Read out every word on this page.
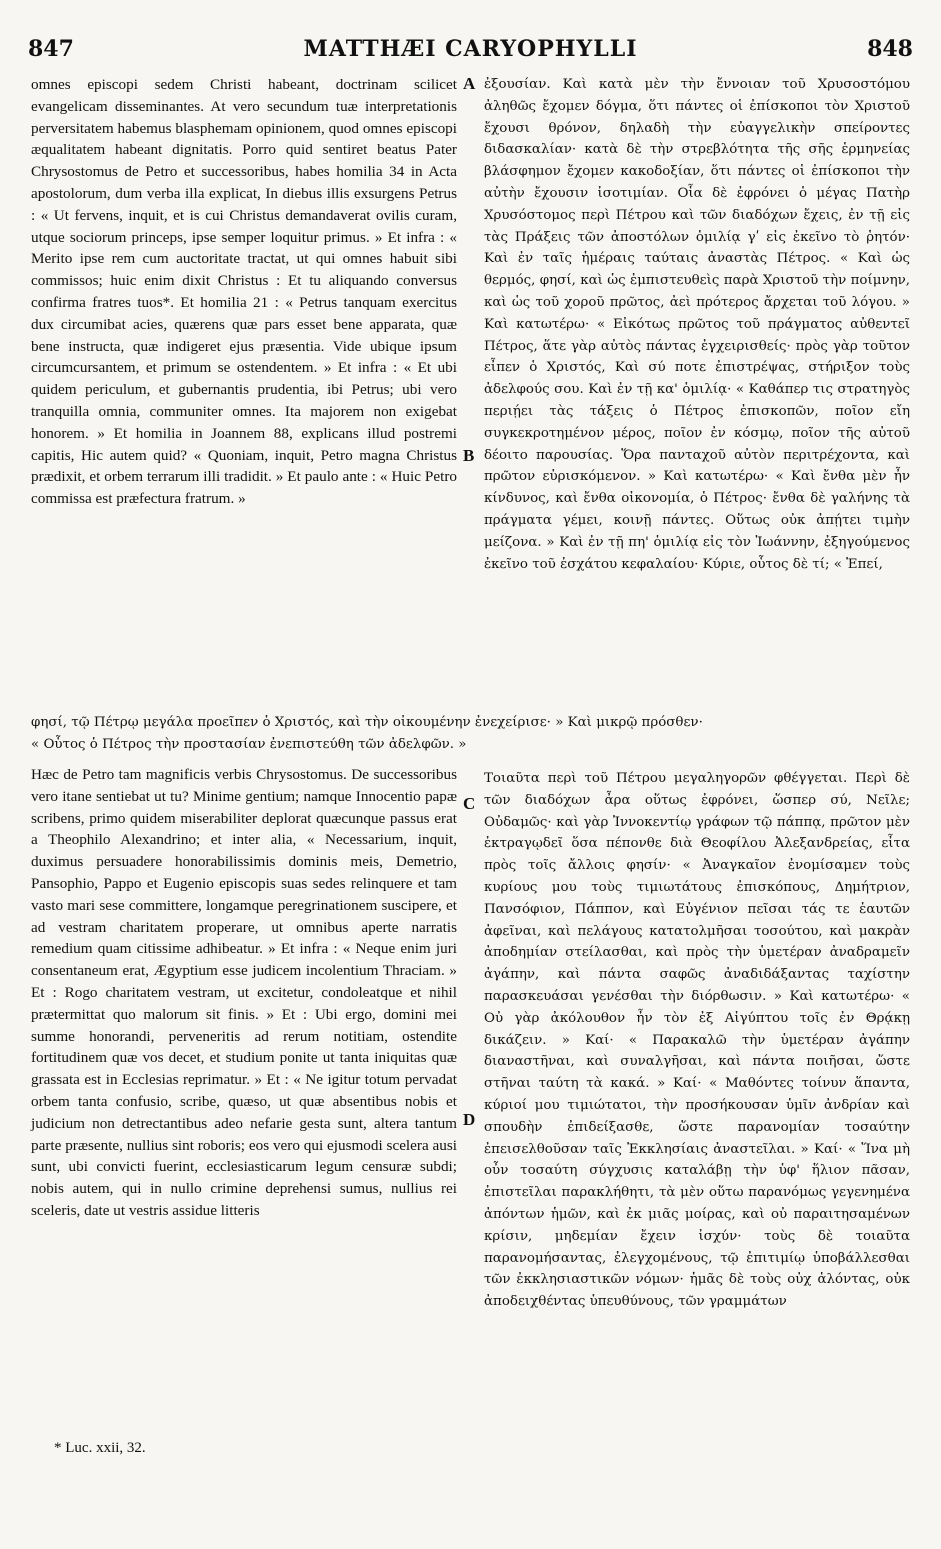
847	MATTHÆI CARYOPHYLLI	848

omnes episcopi sedem Christi habeant, doctrinam scilicet evangelicam disseminantes. At vero secundum tuæ interpretationis perversitatem habemus blasphemam opinionem, quod omnes episcopi æqualitatem habeant dignitatis. Porro quid sentiret beatus Pater Chrysostomus de Petro et successoribus, habes homilia 34 in Acta apostolorum, dum verba illa explicat, In diebus illis exsurgens Petrus : « Ut fervens, inquit, et is cui Christus demandaverat ovilis curam, utque sociorum princeps, ipse semper loquitur primus. » Et infra : « Merito ipse rem cum auctoritate tractat, ut qui omnes habuit sibi commissos; huic enim dixit Christus : Et tu aliquando conversus confirma fratres tuos*. Et homilia 21 : « Petrus tanquam exercitus dux circumibat acies, quærens quæ pars esset bene apparata, quæ bene instructa, quæ indigeret ejus præsentia. Vide ubique ipsum circumcursantem, et primum se ostendentem. » Et infra : « Et ubi quidem periculum, et gubernantis prudentia, ibi Petrus; ubi vero tranquilla omnia, communiter omnes. Ita majorem non exigebat honorem. » Et homilia in Joannem 88, explicans illud postremi capitis, Hic autem quid? « Quoniam, inquit, Petro magna Christus prædixit, et orbem terrarum illi tradidit. » Et paulo ante : « Huic Petro commissa est præfectura fratrum. »

ἐξουσίαν. Καὶ κατὰ μὲν τὴν ἔννοιαν τοῦ Χρυσοστόμου ἀληθῶς ἔχομεν δόγμα, ὅτι πάντες οἱ ἐπίσκοποι τὸν Χριστοῦ ἔχουσι θρόνον, δηλαδὴ τὴν εὐαγγελικὴν σπείροντες διδασκαλίαν· κατὰ δὲ τὴν στρεβλότητα τῆς σῆς ἑρμηνείας βλάσφημον ἔχομεν κακοδοξίαν, ὅτι πάντες οἱ ἐπίσκοποι τὴν αὐτὴν ἔχουσιν ἰσοτιμίαν. Οἷα δὲ ἐφρόνει ὁ μέγας Πατὴρ Χρυσόστομος περὶ Πέτρου καὶ τῶν διαδόχων ἔχεις, ἐν τῇ εἰς τὰς Πράξεις τῶν ἀποστόλων ὁμιλίᾳ γʹ εἰς ἐκεῖνο τὸ ῥητόν· Καὶ ἐν ταῖς ἡμέραις ταύταις ἀναστὰς Πέτρος. « Καὶ ὡς θερμός, φησί, καὶ ὡς ἐμπιστευθεὶς παρὰ Χριστοῦ τὴν ποίμνην, καὶ ὡς τοῦ χοροῦ πρῶτος, ἀεὶ πρότερος ἄρχεται τοῦ λόγου. » Καὶ κατωτέρω· « Εἰκότως πρῶτος τοῦ πράγματος αὐθεντεῖ Πέτρος, ἅτε γὰρ αὐτὸς πάντας ἐγχειρισθείς· πρὸς γὰρ τοῦτον εἶπεν ὁ Χριστός, Καὶ σύ ποτε ἐπιστρέψας, στήριξον τοὺς ἀδελφούς σου. Καὶ ἐν τῇ κα' ὁμιλίᾳ· « Καθάπερ τις στρατηγὸς περιῄει τὰς τάξεις ὁ Πέτρος ἐπισκοπῶν, ποῖον εἴη συγκεκροτημένον μέρος, ποῖον ἐν κόσμῳ, ποῖον τῆς αὐτοῦ δέοιτο παρουσίας. Ὅρα πανταχοῦ αὐτὸν περιτρέχοντα, καὶ πρῶτον εὑρισκόμενον. » Καὶ κατωτέρω· « Καὶ ἔνθα μὲν ἦν κίνδυνος, καὶ ἔνθα οἰκονομία, ὁ Πέτρος· ἔνθα δὲ γαλήνης τὰ πράγματα γέμει, κοινῇ πάντες. Οὕτως οὐκ ἀπῄτει τιμὴν μείζονα. » Καὶ ἐν τῇ πη' ὁμιλίᾳ εἰς τὸν Ἰωάννην, ἐξηγούμενος ἐκεῖνο τοῦ ἐσχάτου κεφαλαίου· Κύριε, οὗτος δὲ τί; « Ἐπεί,

φησί, τῷ Πέτρῳ μεγάλα προεῖπεν ὁ Χριστός, καὶ τὴν οἰκουμένην ἐνεχείρισε· » Καὶ μικρῷ πρόσθεν·
« Οὗτος ὁ Πέτρος τὴν προστασίαν ἐνεπιστεύθη τῶν ἀδελφῶν. »

Hæc de Petro tam magnificis verbis Chrysostomus. De successoribus vero itane sentiebat ut tu? Minime gentium; namque Innocentio papæ scribens, primo quidem miserabiliter deplorat quæcunque passus erat a Theophilo Alexandrino; et inter alia, « Necessarium, inquit, duximus persuadere honorabilissimis dominis meis, Demetrio, Pansophio, Pappo et Eugenio episcopis suas sedes relinquere et tam vasto mari sese committere, longamque peregrinationem suscipere, et ad vestram charitatem properare, ut omnibus aperte narratis remedium quam citissime adhibeatur. » Et infra : « Neque enim juri consentaneum erat, Ægyptium esse judicem incolentium Thraciam. » Et : Rogo charitatem vestram, ut excitetur, condoleatque et nihil prætermittat quo malorum sit finis. » Et : Ubi ergo, domini mei summe honorandi, perveneritis ad rerum notitiam, ostendite fortitudinem quæ vos decet, et studium ponite ut tanta iniquitas quæ grassata est in Ecclesias reprimatur. » Et : « Ne igitur totum pervadat orbem tanta confusio, scribe, quæso, ut quæ absentibus nobis et judicium non detrectantibus adeo nefarie gesta sunt, altera tantum parte præsente, nullius sint roboris; eos vero qui ejusmodi scelera ausi sunt, ubi convicti fuerint, ecclesiasticarum legum censuræ subdi; nobis autem, qui in nullo crimine deprehensi sumus, nullius rei sceleris, date ut vestris assidue litteris

Τοιαῦτα περὶ τοῦ Πέτρου μεγαληγορῶν φθέγγεται. Περὶ δὲ τῶν διαδόχων ἆρα οὕτως ἐφρόνει, ὥσπερ σύ, Νεῖλε; Οὐδαμῶς· καὶ γὰρ Ἰννοκεντίῳ γράφων τῷ πάππᾳ, πρῶτον μὲν ἐκτραγῳδεῖ ὅσα πέπονθε διὰ Θεοφίλου Ἀλεξανδρείας, εἶτα πρὸς τοῖς ἄλλοις φησίν· « Ἀναγκαῖον ἐνομίσαμεν τοὺς κυρίους μου τοὺς τιμιωτάτους ἐπισκόπους, Δημήτριον, Πανσόφιον, Πάππον, καὶ Εὐγένιον πεῖσαι τάς τε ἑαυτῶν ἀφεῖναι, καὶ πελάγους κατατολμῆσαι τοσούτου, καὶ μακρὰν ἀποδημίαν στείλασθαι, καὶ πρὸς τὴν ὑμετέραν ἀναδραμεῖν ἀγάπην, καὶ πάντα σαφῶς ἀναδιδάξαντας ταχίστην παρασκευάσαι γενέσθαι τὴν διόρθωσιν. » Καὶ κατωτέρω· « Οὐ γὰρ ἀκόλουθον ἦν τὸν ἐξ Αἰγύπτου τοῖς ἐν Θρᾴκῃ δικάζειν. » Καί· « Παρακαλῶ τὴν ὑμετέραν ἀγάπην διαναστῆναι, καὶ συναλγῆσαι, καὶ πάντα ποιῆσαι, ὥστε στῆναι ταύτη τὰ κακά. » Καί· « Μαθόντες τοίνυν ἅπαντα, κύριοί μου τιμιώτατοι, τὴν προσήκουσαν ὑμῖν ἀνδρίαν καὶ σπουδὴν ἐπιδείξασθε, ὥστε παρανομίαν τοσαύτην ἐπεισελθοῦσαν ταῖς Ἐκκλησίαις ἀναστεῖλαι. » Καί· « Ἵνα μὴ οὖν τοσαύτη σύγχυσις καταλάβῃ τὴν ὑφ' ἥλιον πᾶσαν, ἐπιστεῖλαι παρακλήθητι, τὰ μὲν οὕτω παρανόμως γεγενημένα ἀπόντων ἡμῶν, καὶ ἐκ μιᾶς μοίρας, καὶ οὐ παραιτησαμένων κρίσιν, μηδεμίαν ἔχειν ἰσχύν· τοὺς δὲ τοιαῦτα παρανομήσαντας, ἐλεγχομένους, τῷ ἐπιτιμίῳ ὑποβάλλεσθαι τῶν ἐκκλησιαστικῶν νόμων· ἡμᾶς δὲ τοὺς οὐχ ἁλόντας, οὐκ ἀποδειχθέντας ὑπευθύνους, τῶν γραμμάτων

A
B
C
D
* Luc. xxii, 32.
